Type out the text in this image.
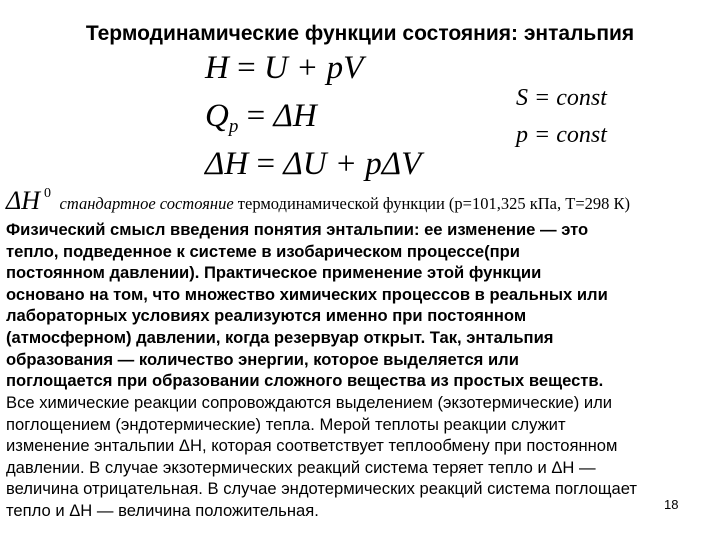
Термодинамические функции состояния: энтальпия
H = U + pV
$Q_p = \Delta H$
ΔH = ΔU + pΔV
S = const
p = const
ΔH $^0$ стандартное состояние термодинамической функции (р=101,325 кПа, Т=298 К)
Физический смысл введения понятия энтальпии: ее изменение — это
тепло, подведенное к системе в изобарическом процессе(при
постоянном давлении). Практическое применение этой функции
основано на том, что множество химических процессов в реальных или
лабораторных условиях реализуются именно при постоянном
(атмосферном) давлении, когда резервуар открыт. Так, энтальпия
образования — количество энергии, которое выделяется или
поглощается при образовании сложного вещества из простых веществ.
Все химические реакции сопровождаются выделением (экзотермические) или
поглощением (эндотермические) тепла. Мерой теплоты реакции служит
изменение энтальпии ΔН, которая соответствует теплообмену при постоянном
давлении. В случае экзотермических реакций система теряет тепло и ΔН —
величина отрицательная. В случае эндотермических реакций система поглощает
тепло и ΔН — величина положительная.	18
